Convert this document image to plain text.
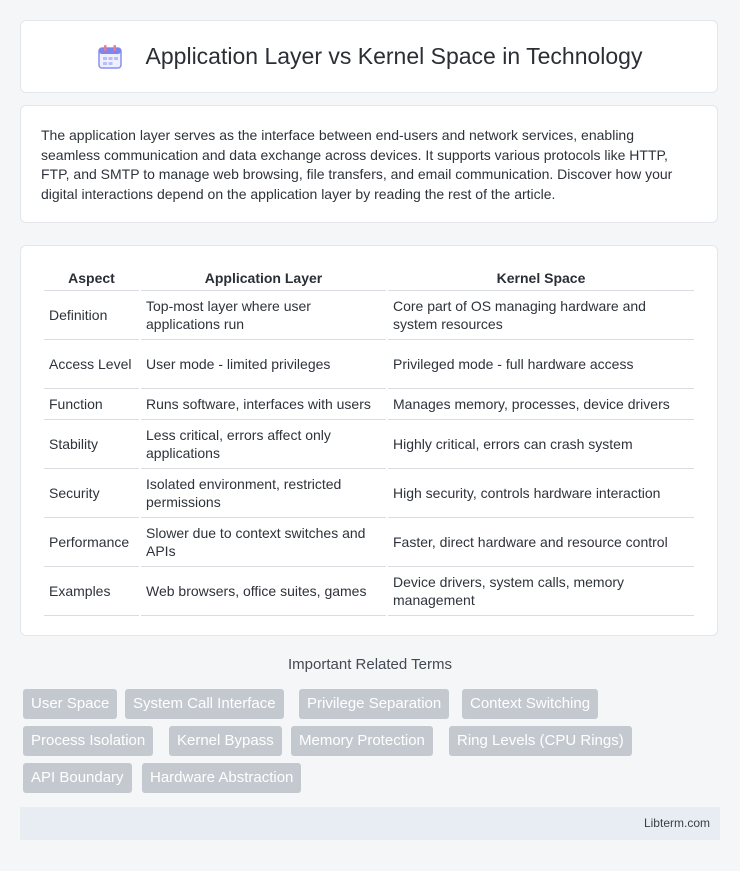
Application Layer vs Kernel Space in Technology

The application layer serves as the interface between end-users and network services, enabling seamless communication and data exchange across devices. It supports various protocols like HTTP, FTP, and SMTP to manage web browsing, file transfers, and email communication. Discover how your digital interactions depend on the application layer by reading the rest of the article.

Aspect	Application Layer	Kernel Space
Definition	Top-most layer where user applications run	Core part of OS managing hardware and system resources
Access Level	User mode - limited privileges	Privileged mode - full hardware access
Function	Runs software, interfaces with users	Manages memory, processes, device drivers
Stability	Less critical, errors affect only applications	Highly critical, errors can crash system
Security	Isolated environment, restricted permissions	High security, controls hardware interaction
Performance	Slower due to context switches and APIs	Faster, direct hardware and resource control
Examples	Web browsers, office suites, games	Device drivers, system calls, memory management
Important Related Terms
User Space	System Call Interface	Privilege Separation	Context Switching
Process Isolation	Kernel Bypass	Memory Protection	Ring Levels (CPU Rings)
API Boundary	Hardware Abstraction
Libterm.com
